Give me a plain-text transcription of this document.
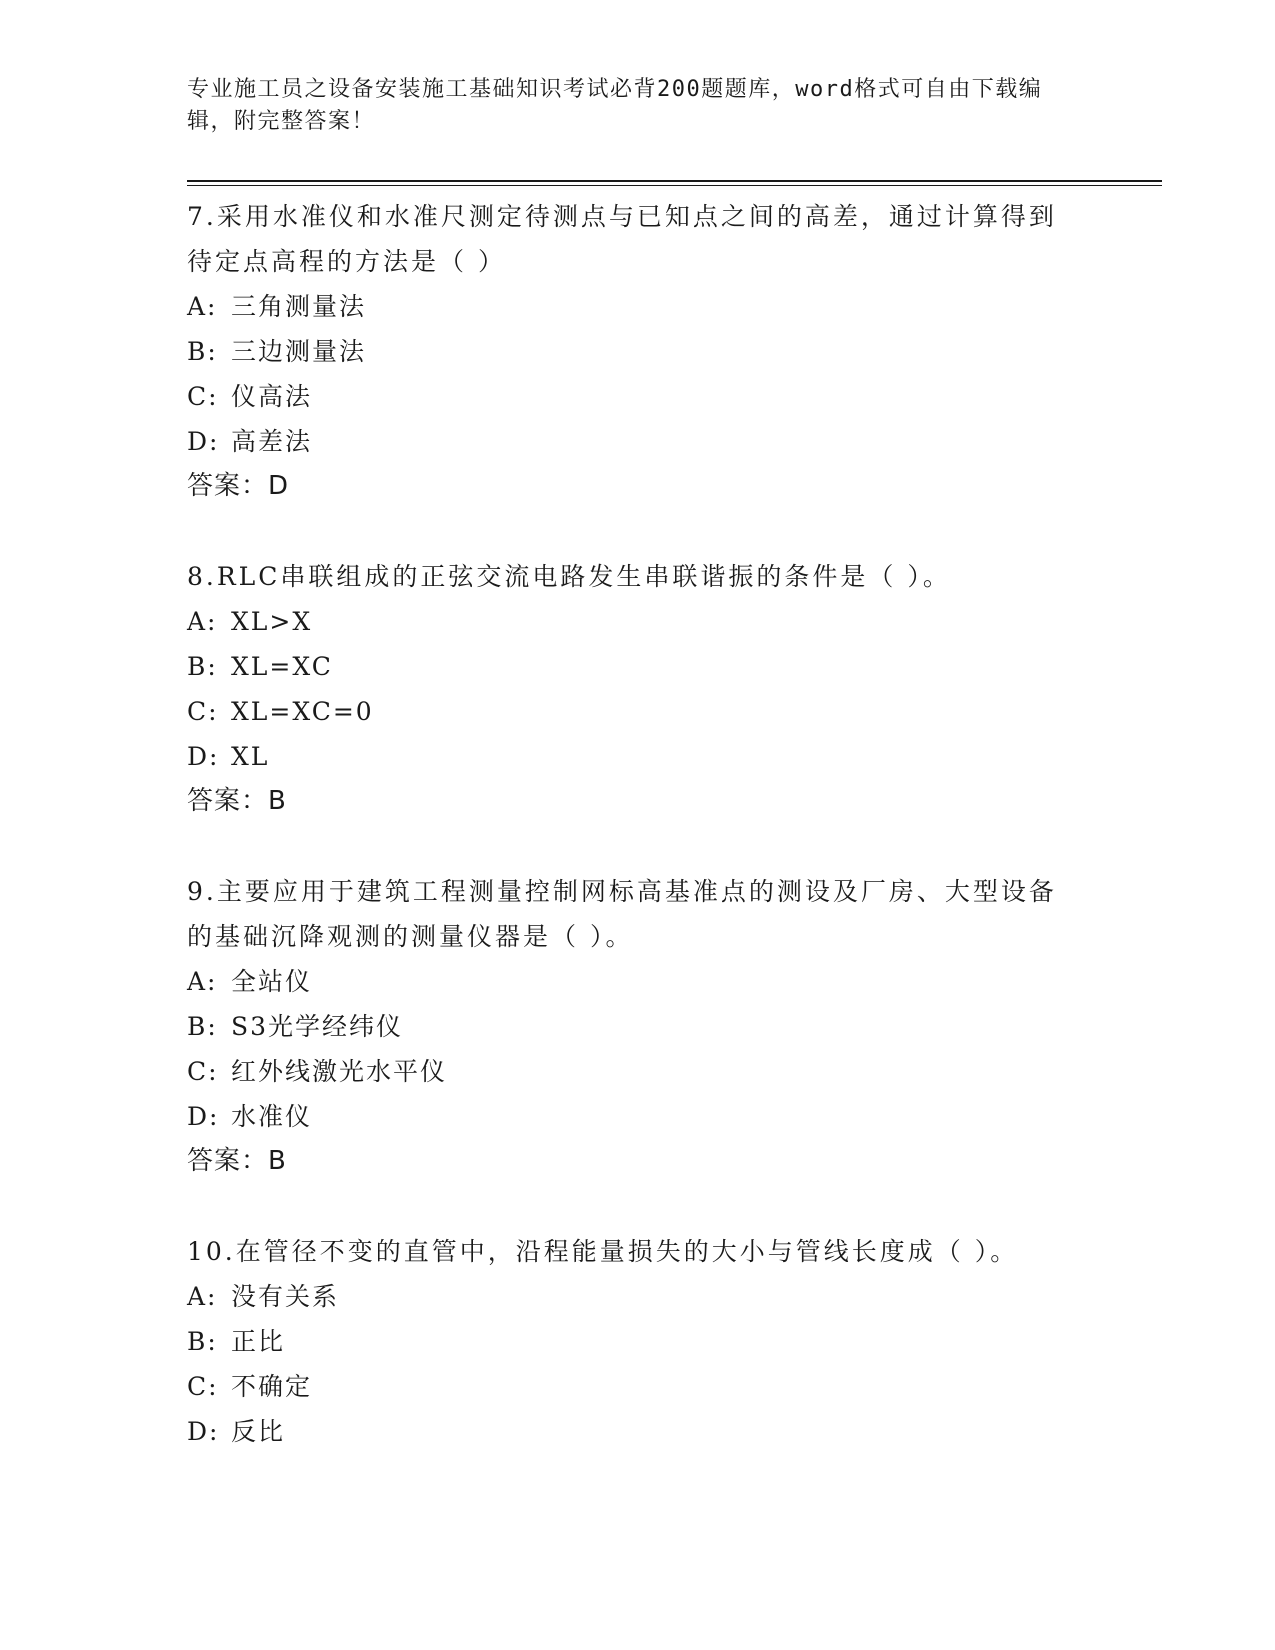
专业施工员之设备安装施工基础知识考试必背200题题库，word格式可自由下载编辑，附完整答案！

7.采用水准仪和水准尺测定待测点与已知点之间的高差，通过计算得到待定点高程的方法是（ ）

A: 三角测量法

B: 三边测量法

C: 仪高法

D: 高差法

答案：D

8.RLC串联组成的正弦交流电路发生串联谐振的条件是（ ）。

A: XL>X

B: XL=XC

C: XL=XC=0

D: XL

答案：B

9.主要应用于建筑工程测量控制网标高基准点的测设及厂房、大型设备的基础沉降观测的测量仪器是（ ）。

A: 全站仪

B: S3光学经纬仪

C: 红外线激光水平仪

D: 水准仪

答案：B

10.在管径不变的直管中，沿程能量损失的大小与管线长度成（ ）。

A: 没有关系

B: 正比

C: 不确定

D: 反比
